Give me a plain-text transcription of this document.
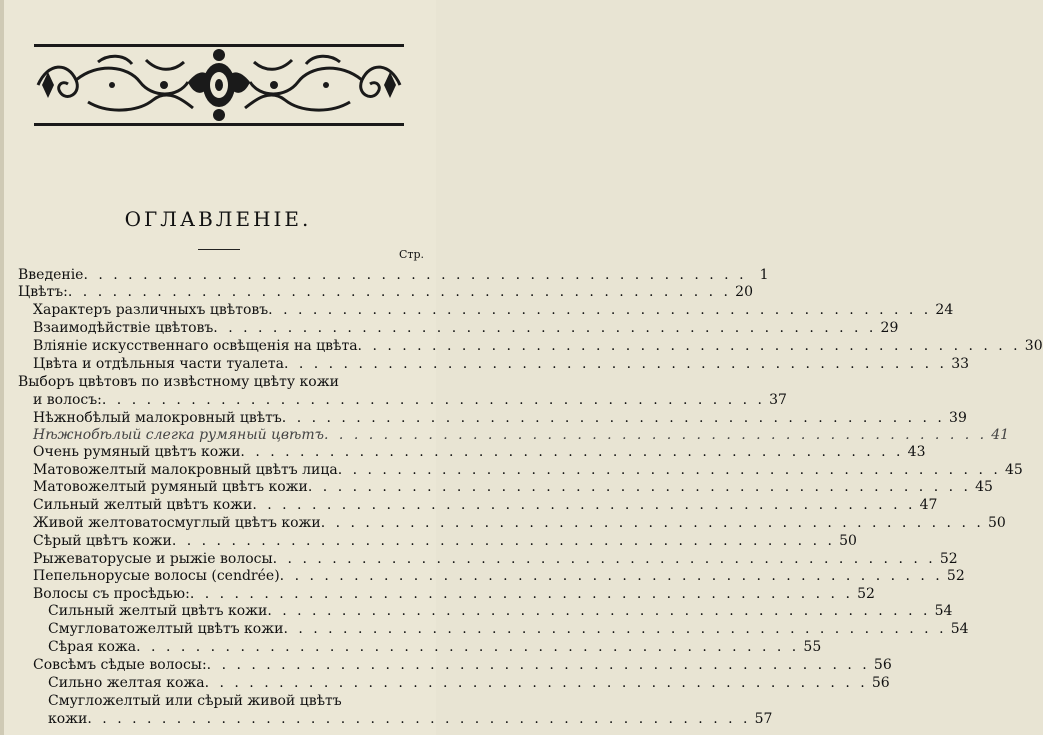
ОГЛАВЛЕНIЕ.
Стр.
Введенiе . . . . . . . . . . . . . . . . . . . . . . . . . . . . . . . . . . . . . . . . . . . . . 1
Цвѣтъ: . . . . . . . . . . . . . . . . . . . . . . . . . . . . . . . . . . . . . . . . . . . . . 20
Характеръ различныхъ цвѣтовъ . . . . . . . . . . . . . . . . . . . . . . . . . . . . . . . . . . . . . . . . . . . . . 24
Взаимодѣйствiе цвѣтовъ . . . . . . . . . . . . . . . . . . . . . . . . . . . . . . . . . . . . . . . . . . . . . 29
Влiянiе искусственнаго освѣщенiя на цвѣта . . . . . . . . . . . . . . . . . . . . . . . . . . . . . . . . . . . . . . . . . . . . . 30
Цвѣта и отдѣльныя части туалета . . . . . . . . . . . . . . . . . . . . . . . . . . . . . . . . . . . . . . . . . . . . . 33
Выборъ цвѣтовъ по извѣстному цвѣту кожи
и волосъ: . . . . . . . . . . . . . . . . . . . . . . . . . . . . . . . . . . . . . . . . . . . . . 37
Нѣжнобѣлый малокровный цвѣтъ . . . . . . . . . . . . . . . . . . . . . . . . . . . . . . . . . . . . . . . . . . . . . 39
Нѣжнобѣлый слегка румяный цвѣтъ . . . . . . . . . . . . . . . . . . . . . . . . . . . . . . . . . . . . . . . . . . . . . 41
Очень румяный цвѣтъ кожи . . . . . . . . . . . . . . . . . . . . . . . . . . . . . . . . . . . . . . . . . . . . . 43
Матовожелтый малокровный цвѣтъ лица . . . . . . . . . . . . . . . . . . . . . . . . . . . . . . . . . . . . . . . . . . . . . 45
Матовожелтый румяный цвѣтъ кожи . . . . . . . . . . . . . . . . . . . . . . . . . . . . . . . . . . . . . . . . . . . . . 45
Сильный желтый цвѣтъ кожи . . . . . . . . . . . . . . . . . . . . . . . . . . . . . . . . . . . . . . . . . . . . . 47
Живой желтоватосмуглый цвѣтъ кожи . . . . . . . . . . . . . . . . . . . . . . . . . . . . . . . . . . . . . . . . . . . . . 50
Сѣрый цвѣтъ кожи . . . . . . . . . . . . . . . . . . . . . . . . . . . . . . . . . . . . . . . . . . . . . 50
Рыжеваторусые и рыжiе волосы . . . . . . . . . . . . . . . . . . . . . . . . . . . . . . . . . . . . . . . . . . . . . 52
Пепельнорусые волосы (cendrée) . . . . . . . . . . . . . . . . . . . . . . . . . . . . . . . . . . . . . . . . . . . . . 52
Волосы съ просѣдью: . . . . . . . . . . . . . . . . . . . . . . . . . . . . . . . . . . . . . . . . . . . . . 52
Сильный желтый цвѣтъ кожи . . . . . . . . . . . . . . . . . . . . . . . . . . . . . . . . . . . . . . . . . . . . . 54
Смугловатожелтый цвѣтъ кожи . . . . . . . . . . . . . . . . . . . . . . . . . . . . . . . . . . . . . . . . . . . . . 54
Сѣрая кожа . . . . . . . . . . . . . . . . . . . . . . . . . . . . . . . . . . . . . . . . . . . . . 55
Совсѣмъ сѣдые волосы: . . . . . . . . . . . . . . . . . . . . . . . . . . . . . . . . . . . . . . . . . . . . . 56
Сильно желтая кожа . . . . . . . . . . . . . . . . . . . . . . . . . . . . . . . . . . . . . . . . . . . . . 56
Смугложелтый или сѣрый живой цвѣтъ
кожи . . . . . . . . . . . . . . . . . . . . . . . . . . . . . . . . . . . . . . . . . . . . . 57
